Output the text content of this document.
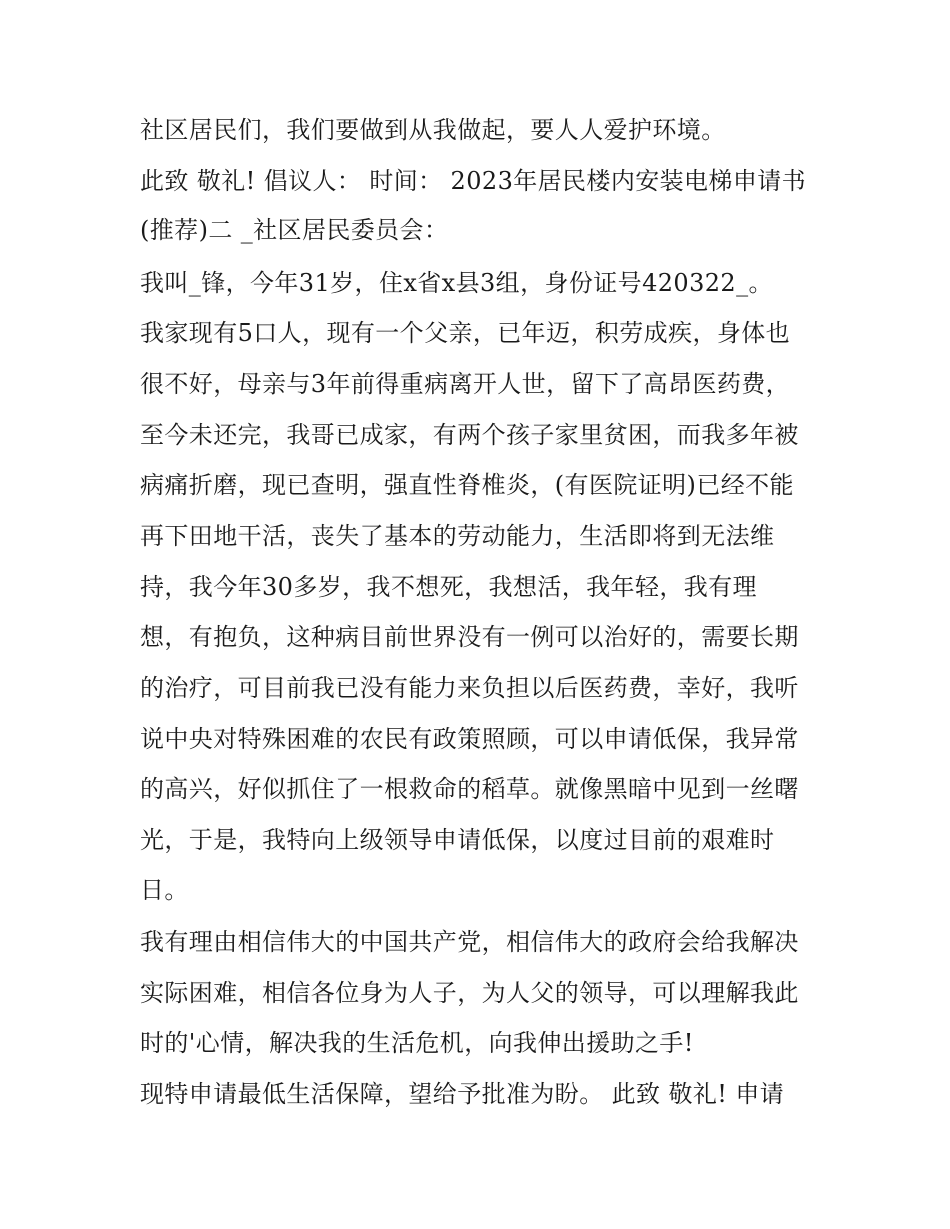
社区居民们，我们要做到从我做起，要人人爱护环境。

此致 敬礼! 倡议人： 时间： 2023年居民楼内安装电梯申请书

(推荐)二 _社区居民委员会：

我叫_锋，今年31岁，住x省x县3组，身份证号420322_。

我家现有5口人，现有一个父亲，已年迈，积劳成疾，身体也

很不好，母亲与3年前得重病离开人世，留下了高昂医药费，

至今未还完，我哥已成家，有两个孩子家里贫困，而我多年被

病痛折磨，现已查明，强直性脊椎炎，(有医院证明)已经不能

再下田地干活，丧失了基本的劳动能力，生活即将到无法维

持，我今年30多岁，我不想死，我想活，我年轻，我有理

想，有抱负，这种病目前世界没有一例可以治好的，需要长期

的治疗，可目前我已没有能力来负担以后医药费，幸好，我听

说中央对特殊困难的农民有政策照顾，可以申请低保，我异常

的高兴，好似抓住了一根救命的稻草。就像黑暗中见到一丝曙

光，于是，我特向上级领导申请低保，以度过目前的艰难时

日。

我有理由相信伟大的中国共产党，相信伟大的政府会给我解决

实际困难，相信各位身为人子，为人父的领导，可以理解我此

时的'心情，解决我的生活危机，向我伸出援助之手!

现特申请最低生活保障，望给予批准为盼。 此致 敬礼! 申请
